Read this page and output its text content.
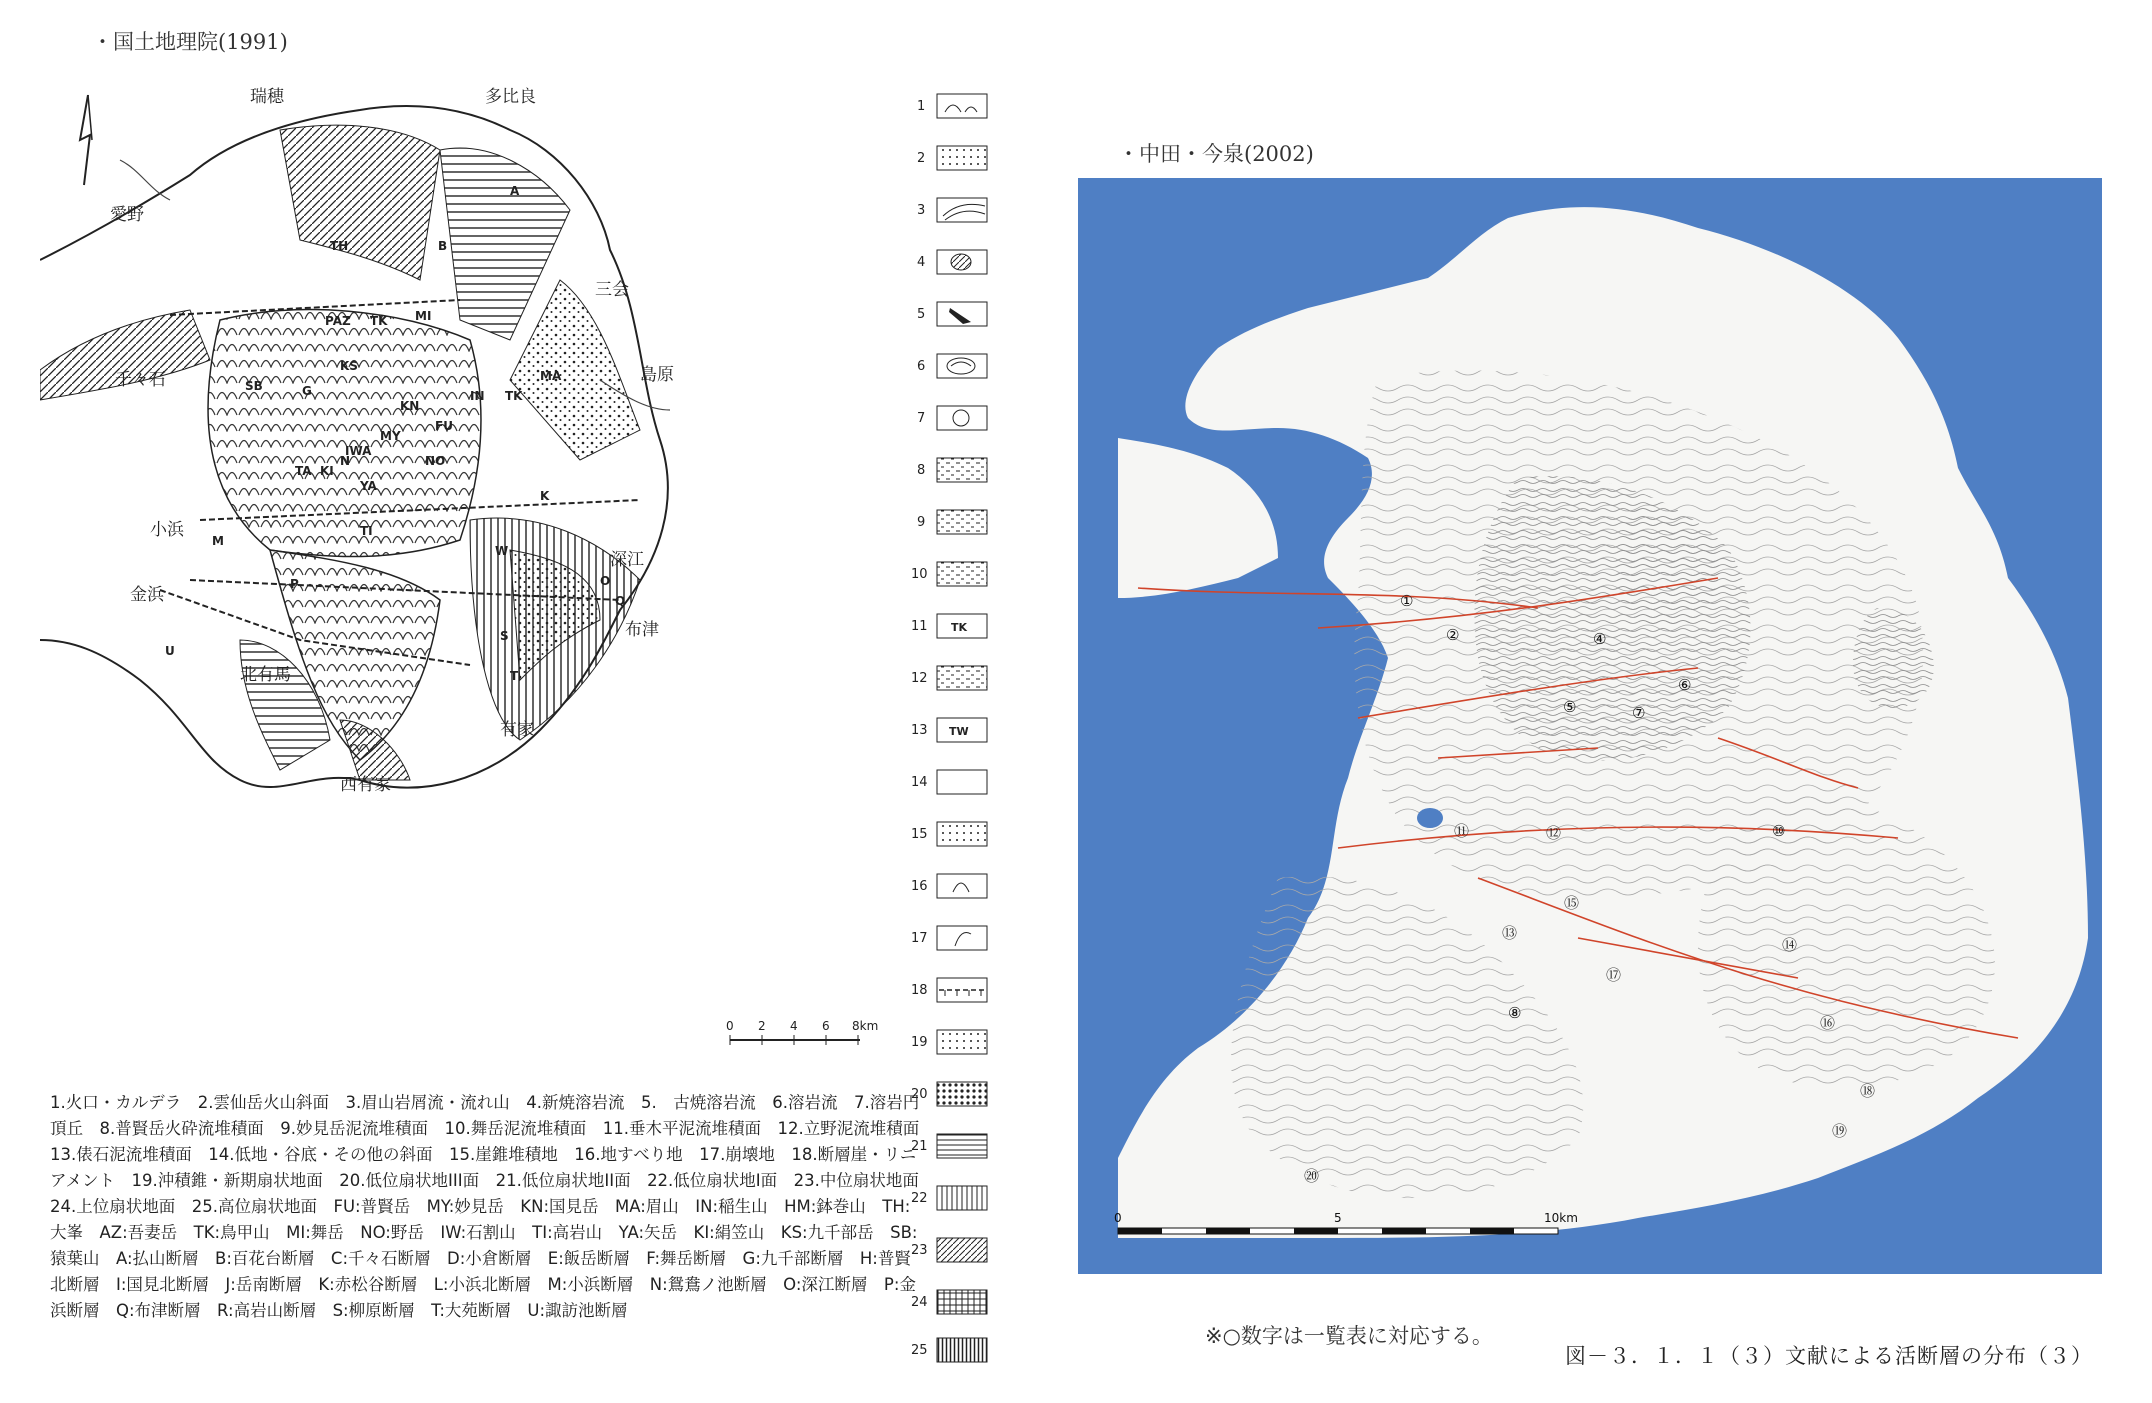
・国土地理院(1991)
瑞穂	多比良
愛野
三会
島原
千々石
小浜
金浜
深江
布津
北有馬
有家
西有家
TH
PAZ TK MI
KS
SB	G
KN
FU
MY
MA
IN TK
IWA
NO
TA KI
YA
K
W
TI
N
M
P	O
Q
U
B
A
S
T
0 2 4 6 8km
1
2
3
4
5
6
7
8
9
10
11 TK
12
13 TW
14
15
16
17
18
19
20
21
22
23
24
25
1.火口・カルデラ　2.雲仙岳火山斜面　3.眉山岩屑流・流れ山　4.新焼溶岩流　5.　古焼溶岩流　6.溶岩流　7.溶岩円頂丘　8.普賢岳火砕流堆積面　9.妙見岳泥流堆積面　10.舞岳泥流堆積面　11.垂木平泥流堆積面　12.立野泥流堆積面　13.俵石泥流堆積面　14.低地・谷底・その他の斜面　15.崖錐堆積地　16.地すべり地　17.崩壊地　18.断層崖・リニアメント　19.沖積錐・新期扇状地面　20.低位扇状地III面　21.低位扇状地II面　22.低位扇状地I面　23.中位扇状地面　24.上位扇状地面　25.高位扇状地面　FU:普賢岳　MY:妙見岳　KN:国見岳　MA:眉山　IN:稲生山　HM:鉢巻山　TH:大峯　AZ:吾妻岳　TK:鳥甲山　MI:舞岳　NO:野岳　IW:石割山　TI:高岩山　YA:矢岳　KI:絹笠山　KS:九千部岳　SB:猿葉山　A:払山断層　B:百花台断層　C:千々石断層　D:小倉断層　E:飯岳断層　F:舞岳断層　G:九千部断層　H:普賢北断層　I:国見北断層　J:岳南断層　K:赤松谷断層　L:小浜北断層　M:小浜断層　N:鴛鴦ノ池断層　O:深江断層　P:金浜断層　Q:布津断層　R:高岩山断層　S:柳原断層　T:大苑断層　U:諏訪池断層
・中田・今泉(2002)
①
②	④
⑤
⑥
⑦
⑧
⑩
⑪	⑫
⑬
⑭
⑮
⑯
⑰
⑱
⑲
⑳
0	5	10km
※○数字は一覧表に対応する。
図－３．１．１（３）文献による活断層の分布（３）
